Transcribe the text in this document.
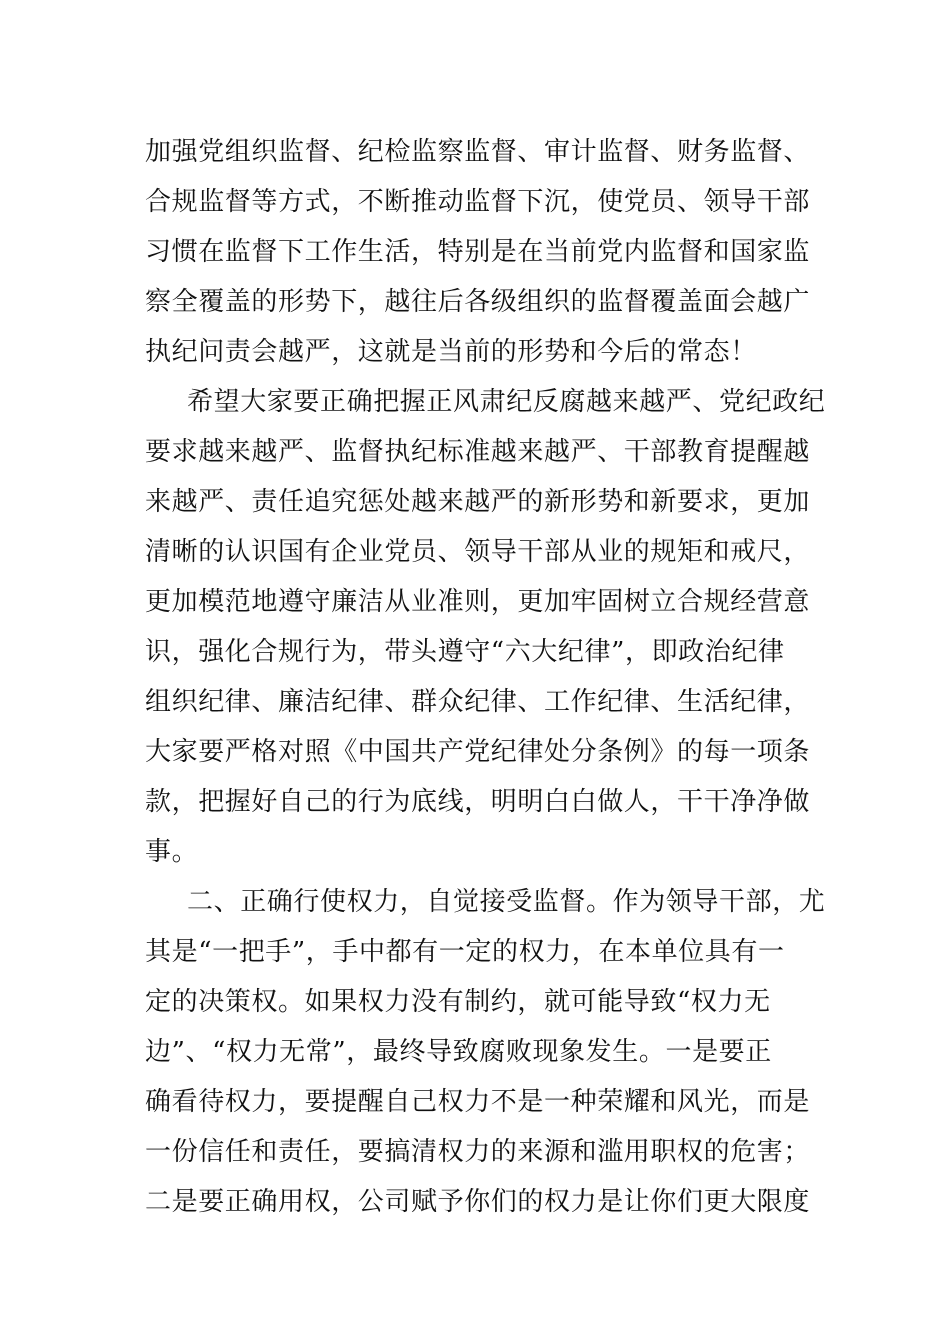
加强党组织监督、纪检监察监督、审计监督、财务监督、
合规监督等方式，不断推动监督下沉，使党员、领导干部
习惯在监督下工作生活，特别是在当前党内监督和国家监
察全覆盖的形势下，越往后各级组织的监督覆盖面会越广
执纪问责会越严，这就是当前的形势和今后的常态！
希望大家要正确把握正风肃纪反腐越来越严、党纪政纪
要求越来越严、监督执纪标准越来越严、干部教育提醒越
来越严、责任追究惩处越来越严的新形势和新要求，更加
清晰的认识国有企业党员、领导干部从业的规矩和戒尺，
更加模范地遵守廉洁从业准则，更加牢固树立合规经营意
识，强化合规行为，带头遵守“六大纪律”，即政治纪律
组织纪律、廉洁纪律、群众纪律、工作纪律、生活纪律，
大家要严格对照《中国共产党纪律处分条例》的每一项条
款，把握好自己的行为底线，明明白白做人，干干净净做
事。
二、正确行使权力，自觉接受监督。作为领导干部，尤
其是“一把手”，手中都有一定的权力，在本单位具有一
定的决策权。如果权力没有制约，就可能导致“权力无
边”、“权力无常”，最终导致腐败现象发生。一是要正
确看待权力，要提醒自己权力不是一种荣耀和风光，而是
一份信任和责任，要搞清权力的来源和滥用职权的危害；
二是要正确用权，公司赋予你们的权力是让你们更大限度
